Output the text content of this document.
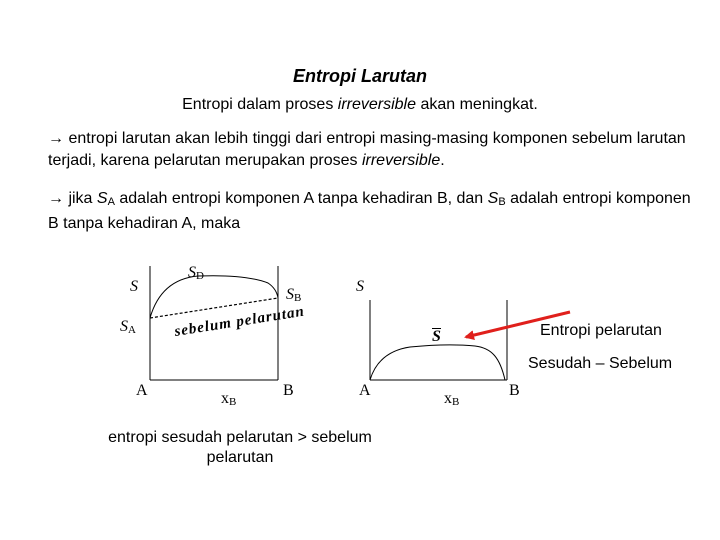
Entropi Larutan
Entropi dalam proses irreversible akan meningkat.
→ entropi larutan akan lebih tinggi dari entropi masing-masing komponen sebelum larutan terjadi, karena pelarutan merupakan proses irreversible.
→ jika $S_A$ adalah entropi komponen A tanpa kehadiran B, dan $S_B$ adalah entropi komponen B tanpa kehadiran A, maka
S
$S_D$
$S_B$
$S_A$ sebelum pelarutan
A	$x_B$
B
entropi sesudah pelarutan > sebelum pelarutan
S
S
A	$x_B$
B
Entropi pelarutan
Sesudah – Sebelum
